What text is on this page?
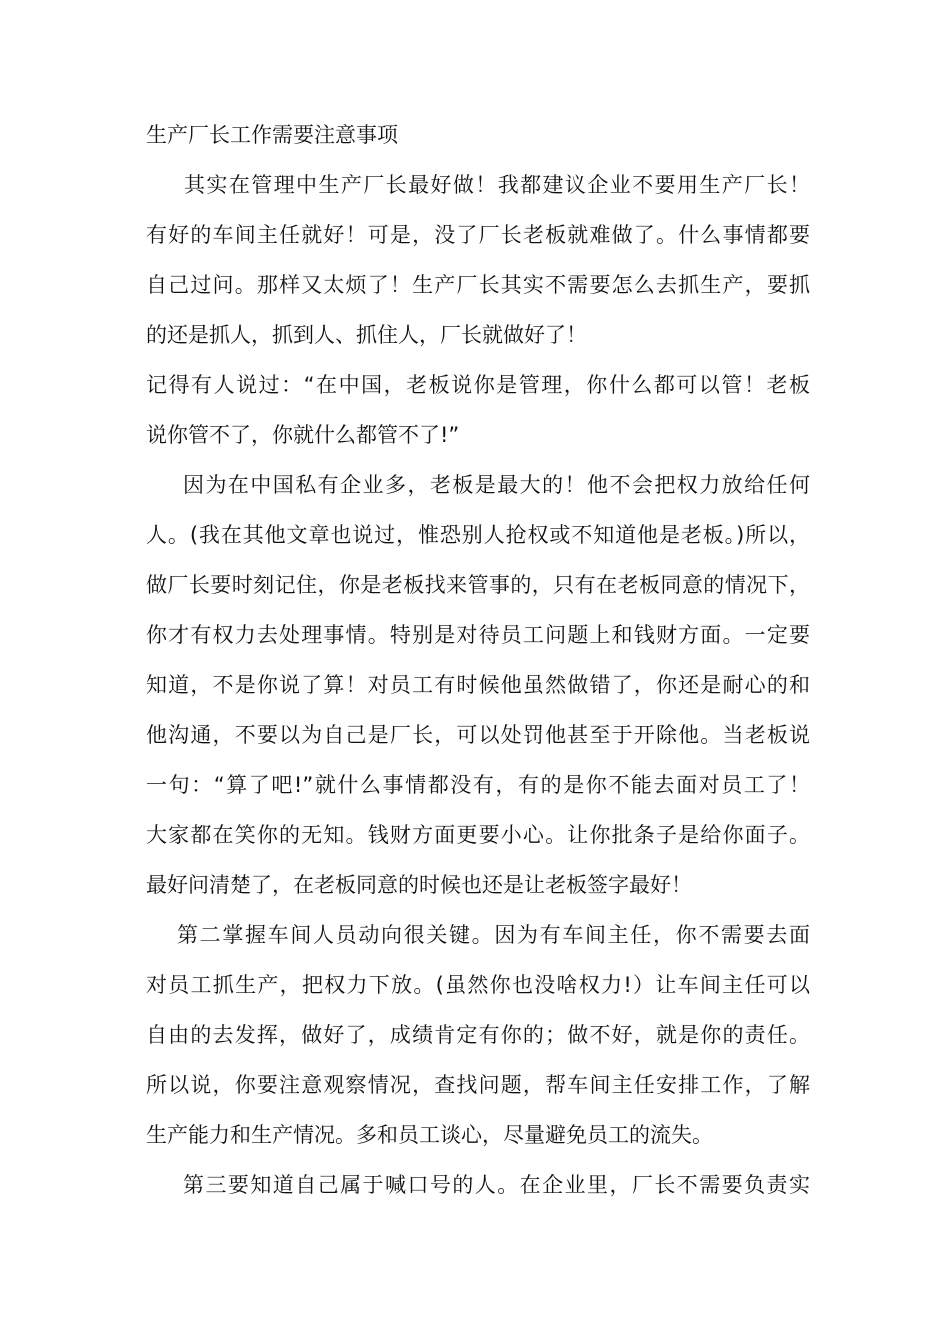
生产厂长工作需要注意事项
其实在管理中生产厂长最好做！我都建议企业不要用生产厂长！
有好的车间主任就好！可是，没了厂长老板就难做了。什么事情都要
自己过问。那样又太烦了！生产厂长其实不需要怎么去抓生产，要抓
的还是抓人，抓到人、抓住人，厂长就做好了！
记得有人说过：“在中国，老板说你是管理，你什么都可以管！老板
说你管不了，你就什么都管不了!”
因为在中国私有企业多，老板是最大的！他不会把权力放给任何
人。(我在其他文章也说过，惟恐别人抢权或不知道他是老板。)所以，
做厂长要时刻记住，你是老板找来管事的，只有在老板同意的情况下，
你才有权力去处理事情。特别是对待员工问题上和钱财方面。一定要
知道，不是你说了算！对员工有时候他虽然做错了，你还是耐心的和
他沟通，不要以为自己是厂长，可以处罚他甚至于开除他。当老板说
一句：“算了吧!”就什么事情都没有，有的是你不能去面对员工了！
大家都在笑你的无知。钱财方面更要小心。让你批条子是给你面子。
最好问清楚了，在老板同意的时候也还是让老板签字最好！
第二掌握车间人员动向很关键。因为有车间主任，你不需要去面
对员工抓生产，把权力下放。(虽然你也没啥权力!）让车间主任可以
自由的去发挥，做好了，成绩肯定有你的；做不好，就是你的责任。
所以说，你要注意观察情况，查找问题，帮车间主任安排工作，了解
生产能力和生产情况。多和员工谈心，尽量避免员工的流失。
第三要知道自己属于喊口号的人。在企业里，厂长不需要负责实
